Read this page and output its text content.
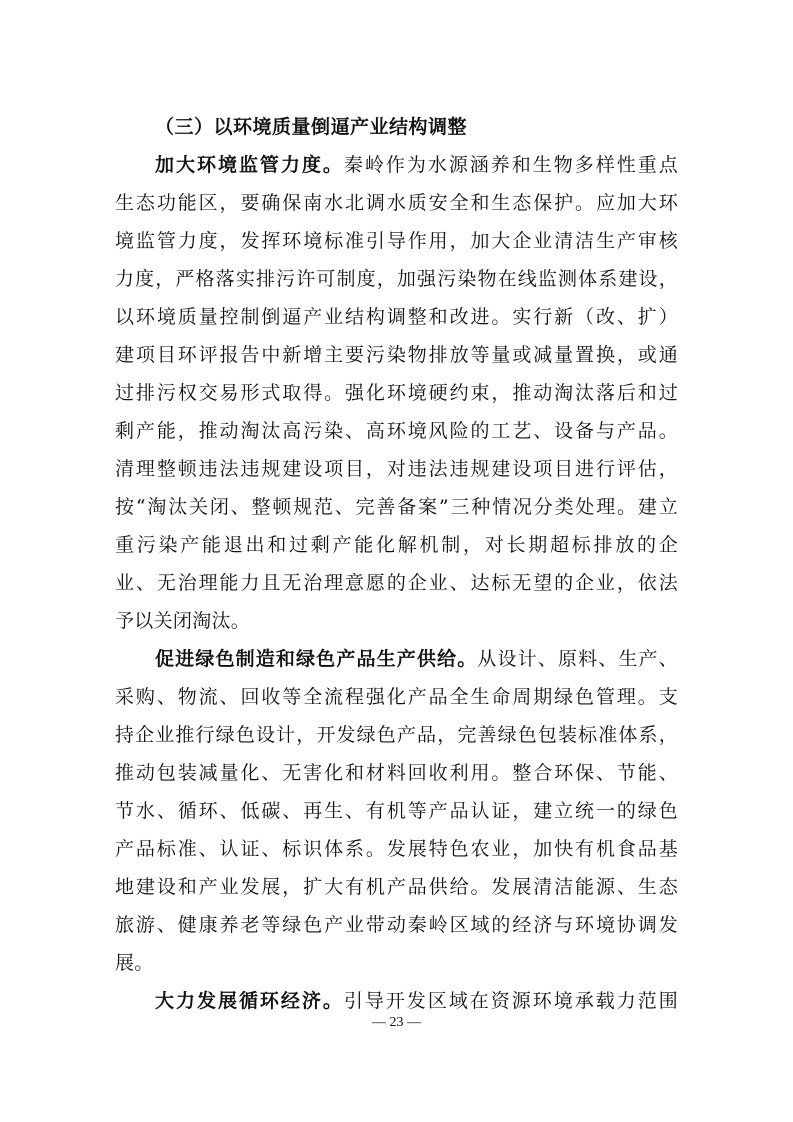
（三）以环境质量倒逼产业结构调整
加大环境监管力度。秦岭作为水源涵养和生物多样性重点
生态功能区，要确保南水北调水质安全和生态保护。应加大环
境监管力度，发挥环境标准引导作用，加大企业清洁生产审核
力度，严格落实排污许可制度，加强污染物在线监测体系建设，
以环境质量控制倒逼产业结构调整和改进。实行新（改、扩）
建项目环评报告中新增主要污染物排放等量或减量置换，或通
过排污权交易形式取得。强化环境硬约束，推动淘汰落后和过
剩产能，推动淘汰高污染、高环境风险的工艺、设备与产品。
清理整顿违法违规建设项目，对违法违规建设项目进行评估，
按“淘汰关闭、整顿规范、完善备案”三种情况分类处理。建立
重污染产能退出和过剩产能化解机制，对长期超标排放的企
业、无治理能力且无治理意愿的企业、达标无望的企业，依法
予以关闭淘汰。
促进绿色制造和绿色产品生产供给。从设计、原料、生产、
采购、物流、回收等全流程强化产品全生命周期绿色管理。支
持企业推行绿色设计，开发绿色产品，完善绿色包装标准体系，
推动包装减量化、无害化和材料回收利用。整合环保、节能、
节水、循环、低碳、再生、有机等产品认证，建立统一的绿色
产品标准、认证、标识体系。发展特色农业，加快有机食品基
地建设和产业发展，扩大有机产品供给。发展清洁能源、生态
旅游、健康养老等绿色产业带动秦岭区域的经济与环境协调发
展。
大力发展循环经济。引导开发区域在资源环境承载力范围
— 23 —
